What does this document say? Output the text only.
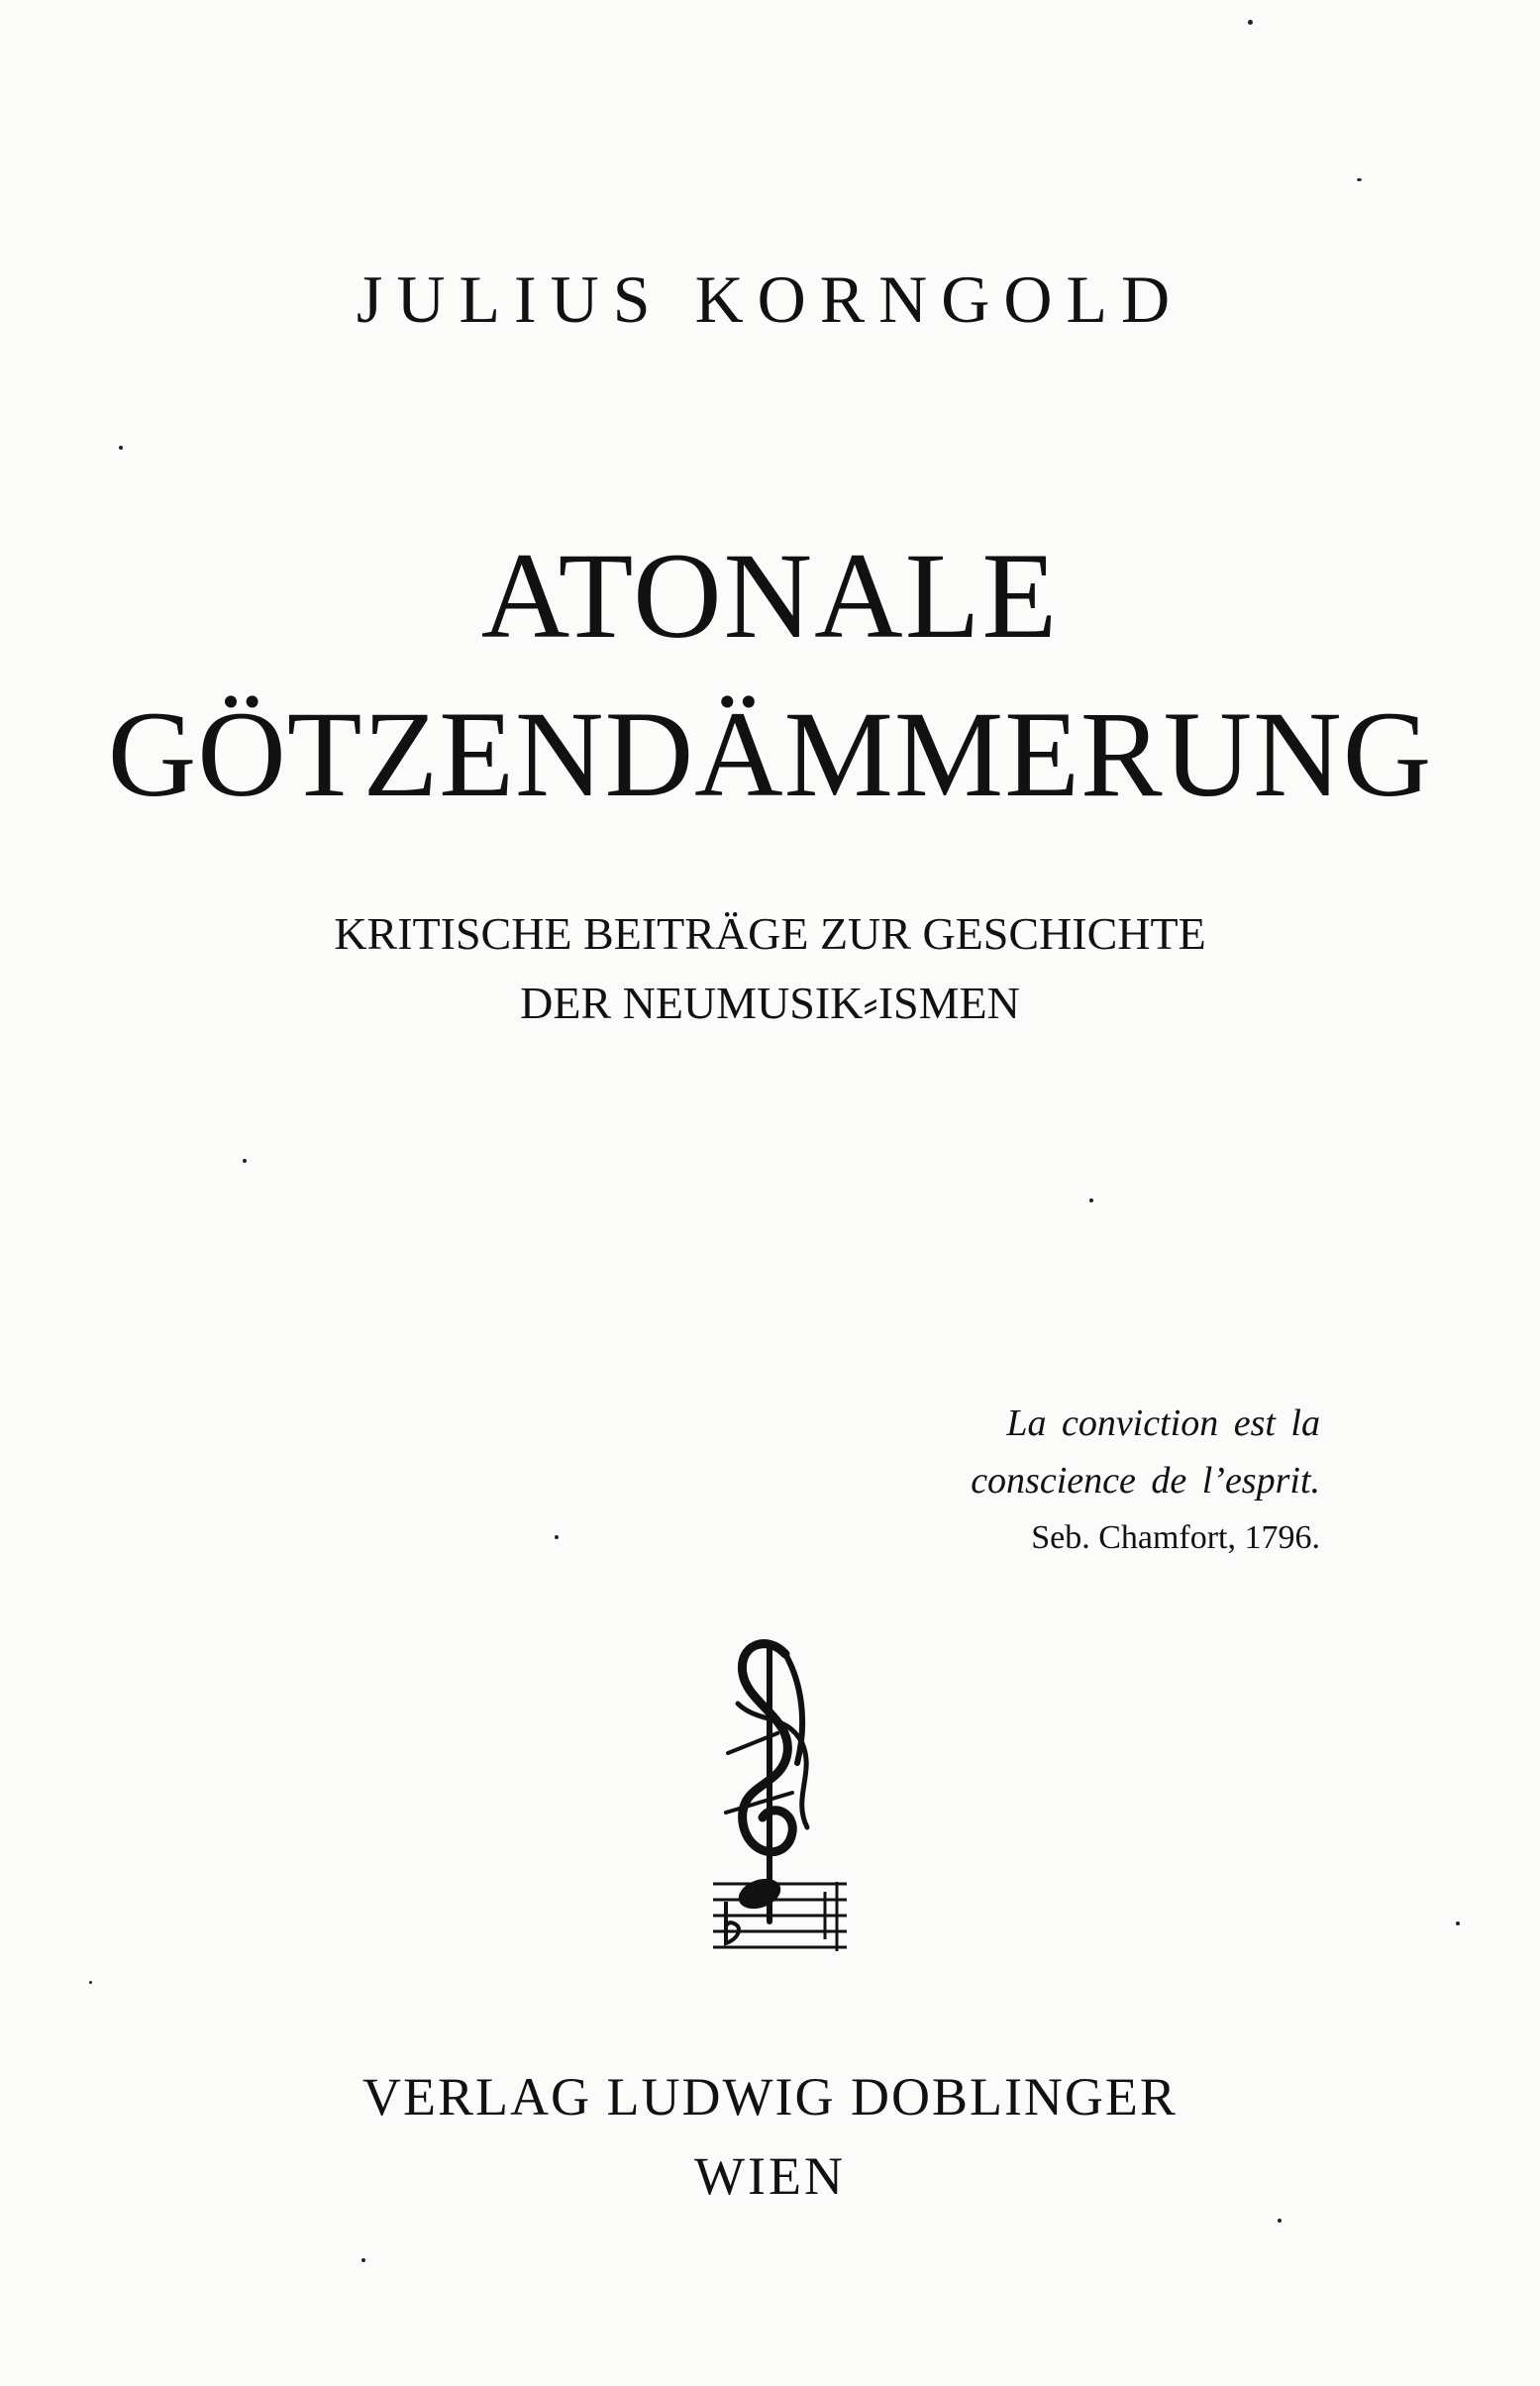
JULIUS KORNGOLD
ATONALE
GÖTZENDÄMMERUNG
KRITISCHE BEITRÄGE ZUR GESCHICHTE
DER NEUMUSIK⸗ISMEN
La conviction est la
conscience de l’esprit.
Seb. Chamfort, 1796.
VERLAG LUDWIG DOBLINGER
WIEN
